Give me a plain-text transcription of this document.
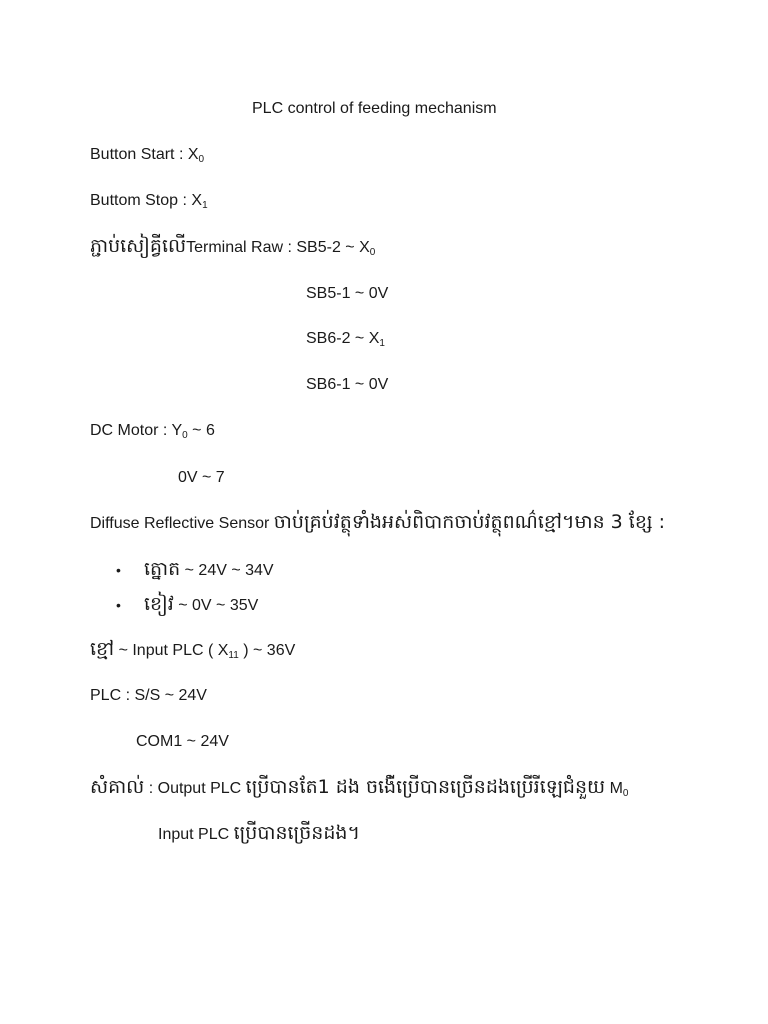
PLC control of feeding mechanism
Button Start : $X_0$
Buttom Stop : $X_1$
ភ្ជាប់សៀគ្វីលើTerminal Raw : SB5-2 ~ $X_0$
SB5-1 ~ 0V
SB6-2 ~ $X_1$
SB6-1 ~ 0V
DC Motor : $Y_0$ ~ 6
0V ~ 7
Diffuse Reflective Sensor ចាប់គ្រប់វត្ថុទាំងអស់ពិបាកចាប់វត្ថុពណ៌ខ្មៅ។មាន 3 ខ្សែ :
• ត្នោត ~ 24V ~ 34V
• ខៀវ ~ 0V ~ 35V
ខ្មៅ ~ Input PLC ( $X_{11}$ ) ~ 36V
PLC : S/S ~ 24V
COM1 ~ 24V
សំគាល់ : Output PLC ប្រើបានតែ1 ដង ចង់ើប្រើបានច្រើនដងប្រើរីឡេជំនួយ $M_0$
Input PLC ប្រើបានច្រើនដង។
